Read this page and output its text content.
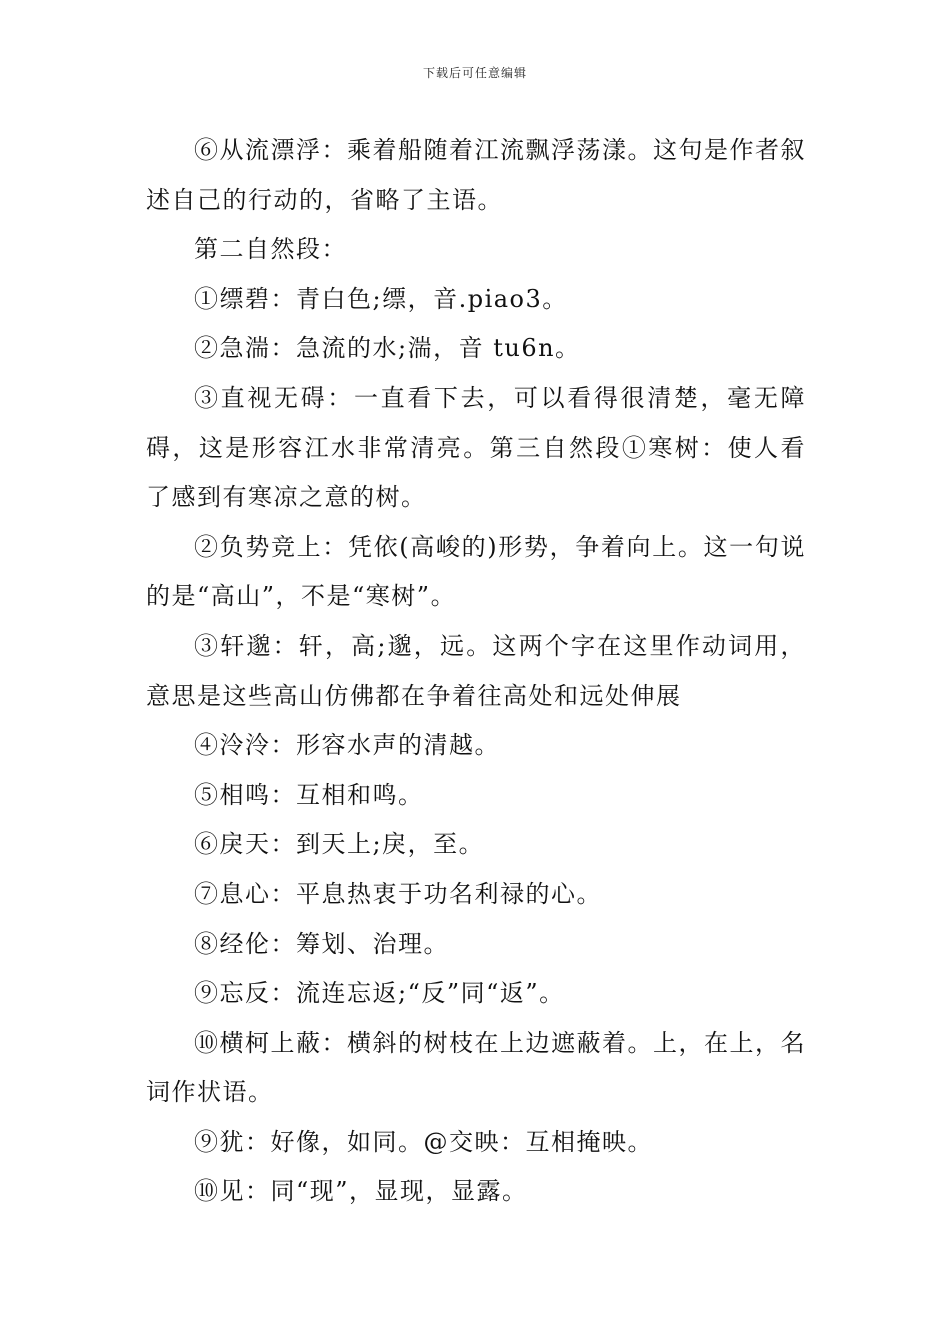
下载后可任意编辑

⑥从流漂浮：乘着船随着江流飘浮荡漾。这句是作者叙述自己的行动的，省略了主语。

第二自然段：

①缥碧：青白色;缥，音.piao3。

②急湍：急流的水;湍，音 tu6n。

③直视无碍：一直看下去，可以看得很清楚，毫无障碍，这是形容江水非常清亮。第三自然段①寒树：使人看了感到有寒凉之意的树。

②负势竞上：凭依(高峻的)形势，争着向上。这一句说的是“高山”，不是“寒树”。

③轩邈：轩，高;邈，远。这两个字在这里作动词用，意思是这些高山仿佛都在争着往高处和远处伸展

④泠泠：形容水声的清越。

⑤相鸣：互相和鸣。

⑥戾天：到天上;戾，至。

⑦息心：平息热衷于功名利禄的心。

⑧经伦：筹划、治理。

⑨忘反：流连忘返;“反”同“返”。

⑩横柯上蔽：横斜的树枝在上边遮蔽着。上，在上，名词作状语。

⑨犹：好像，如同。@交映：互相掩映。

⑩见：同“现”，显现，显露。
